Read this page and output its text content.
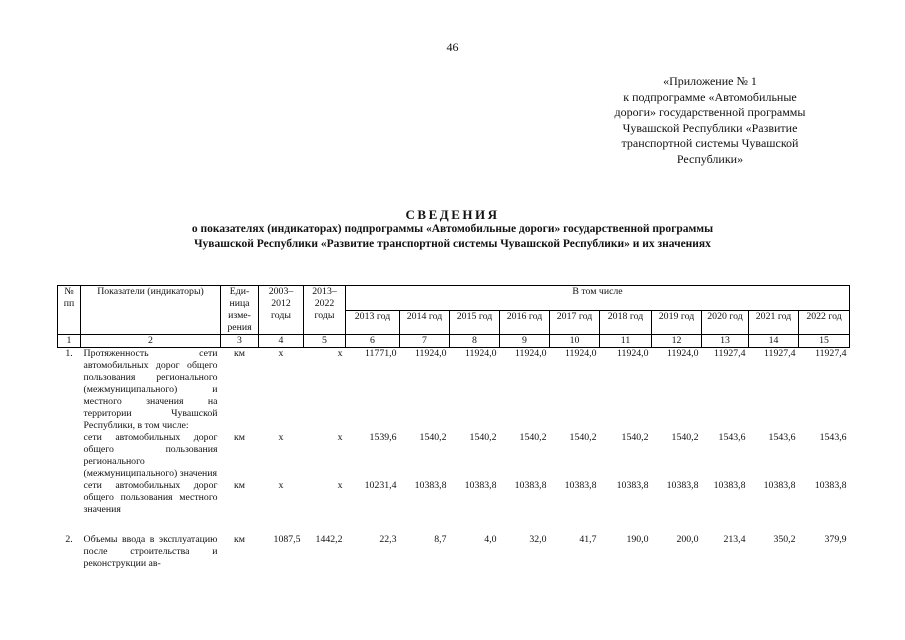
46
«Приложение № 1
к подпрограмме «Автомобильные
дороги» государственной программы
Чувашской Республики «Развитие
транспортной системы Чувашской
Республики»
СВЕДЕНИЯ
о показателях (индикаторах) подпрограммы «Автомобильные дороги» государственной программы
Чувашской Республики «Развитие транспортной системы Чувашской Республики» и их значениях
№ пп	Показатели (индикаторы)	Еди-ница изме-рения	2003–2012 годы	2013–2022 годы	В том числе									
					2013 год	2014 год	2015 год	2016 год	2017 год	2018 год	2019 год	2020 год	2021 год	2022 год
1	2	3	4	5	6	7	8	9	10	11	12	13	14	15
1.	Протяженность сети автомобильных дорог общего пользования регионального (межмуниципального) и местного значения на территории Чувашской Республики, в том числе:	км	х	х	11771,0	11924,0	11924,0	11924,0	11924,0	11924,0	11924,0	11927,4	11927,4	11927,4
	сети автомобильных дорог общего пользования регионального (межмуниципального) значения	км	х	х	1539,6	1540,2	1540,2	1540,2	1540,2	1540,2	1540,2	1543,6	1543,6	1543,6
	сети автомобильных дорог общего пользования местного значения	км	х	х	10231,4	10383,8	10383,8	10383,8	10383,8	10383,8	10383,8	10383,8	10383,8	10383,8

2.	Объемы ввода в эксплуатацию после строительства и реконструкции ав-	км	1087,5	1442,2	22,3	8,7	4,0	32,0	41,7	190,0	200,0	213,4	350,2	379,9
